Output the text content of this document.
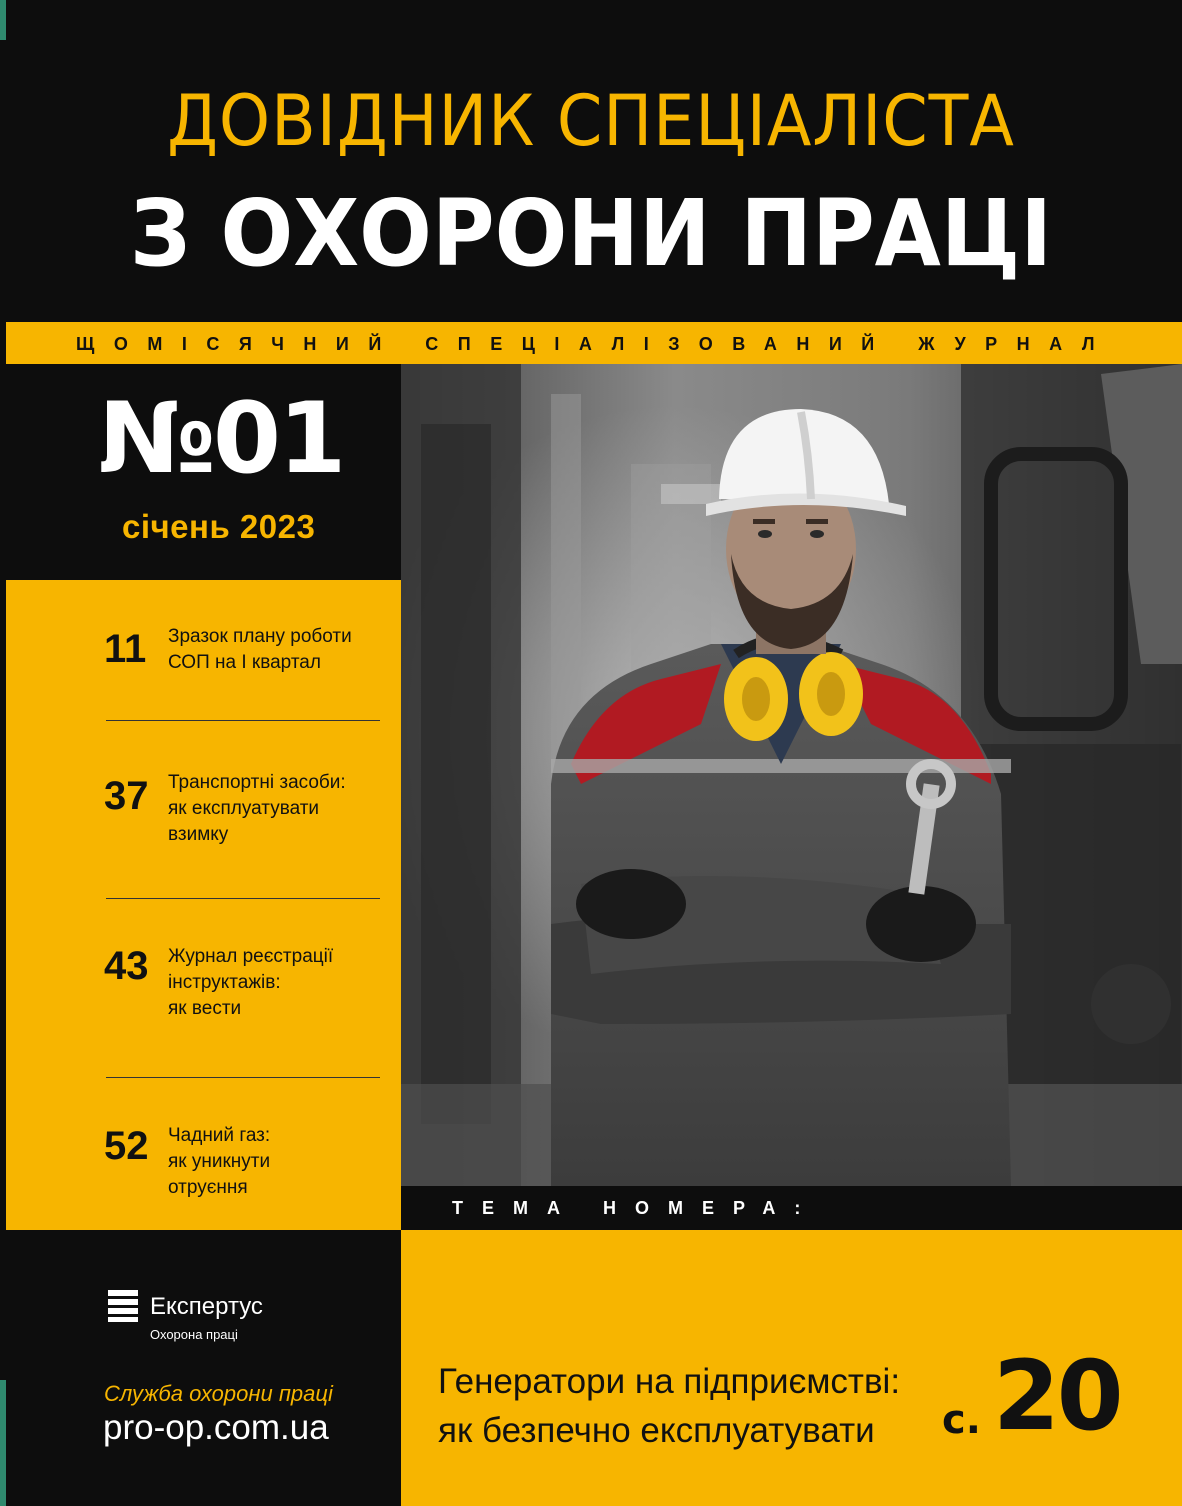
ДОВІДНИК СПЕЦІАЛІСТА
З ОХОРОНИ ПРАЦІ
ЩОМІСЯЧНИЙ СПЕЦІАЛІЗОВАНИЙ ЖУРНАЛ
№01
січень 2023
11 Зразок плану роботи
СОП на І квартал
37 Транспортні засоби:
як експлуатувати
взимку
43 Журнал реєстрації
інструктажів:
як вести
52 Чадний газ:
як уникнути
отруєння
Експертус
Охорона праці
Служба охорони праці
pro-op.com.ua
ТЕМА НОМЕРА:
Генератори на підприємстві:
як безпечно експлуатувати с. 20
